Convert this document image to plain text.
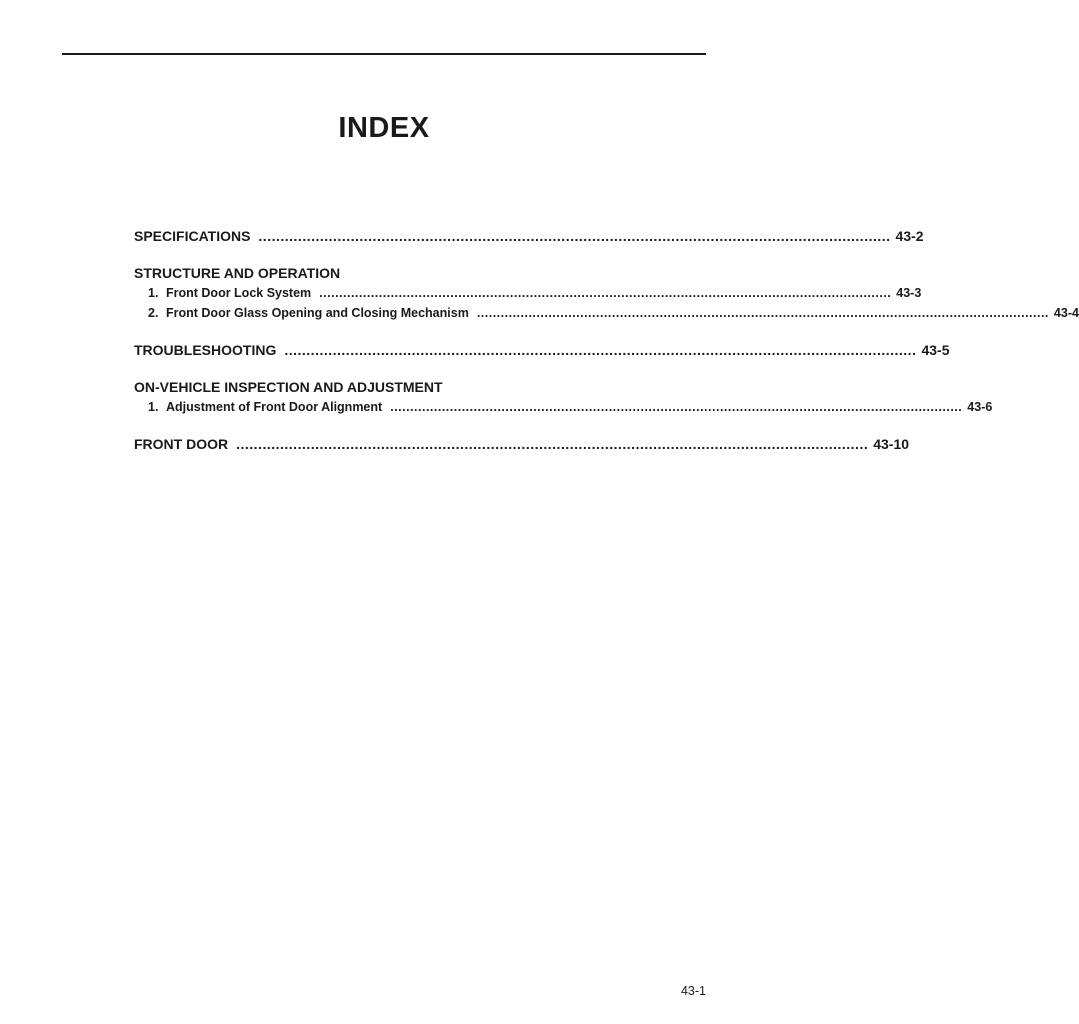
INDEX
SPECIFICATIONS ................................................................................................................................................ 43-2
STRUCTURE AND OPERATION
1. Front Door Lock System ................................................................................................................................................ 43-3
2. Front Door Glass Opening and Closing Mechanism ................................................................................................................................................ 43-4
TROUBLESHOOTING ................................................................................................................................................ 43-5
ON-VEHICLE INSPECTION AND ADJUSTMENT
1. Adjustment of Front Door Alignment ................................................................................................................................................ 43-6
FRONT DOOR ................................................................................................................................................ 43-10
43-1
